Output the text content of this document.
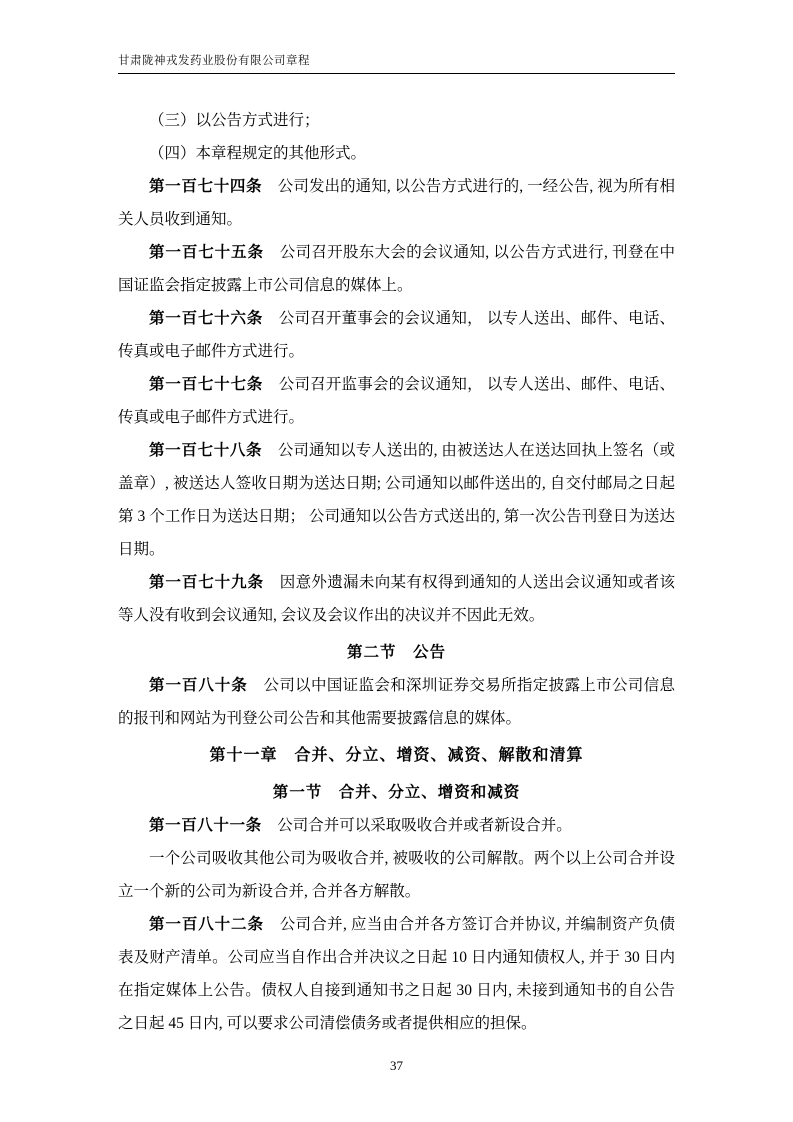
甘肃陇神戎发药业股份有限公司章程

（三）以公告方式进行；

（四）本章程规定的其他形式。

第一百七十四条 公司发出的通知, 以公告方式进行的, 一经公告, 视为所有相关人员收到通知。

第一百七十五条 公司召开股东大会的会议通知, 以公告方式进行, 刊登在中国证监会指定披露上市公司信息的媒体上。

第一百七十六条 公司召开董事会的会议通知， 以专人送出、邮件、电话、传真或电子邮件方式进行。

第一百七十七条 公司召开监事会的会议通知， 以专人送出、邮件、电话、传真或电子邮件方式进行。

第一百七十八条 公司通知以专人送出的, 由被送达人在送达回执上签名（或盖章）, 被送达人签收日期为送达日期; 公司通知以邮件送出的, 自交付邮局之日起第 3 个工作日为送达日期； 公司通知以公告方式送出的, 第一次公告刊登日为送达日期。

第一百七十九条 因意外遗漏未向某有权得到通知的人送出会议通知或者该等人没有收到会议通知, 会议及会议作出的决议并不因此无效。

第二节　公告

第一百八十条 公司以中国证监会和深圳证券交易所指定披露上市公司信息的报刊和网站为刊登公司公告和其他需要披露信息的媒体。

第十一章　合并、分立、增资、减资、解散和清算

第一节　合并、分立、增资和减资

第一百八十一条 公司合并可以采取吸收合并或者新设合并。

一个公司吸收其他公司为吸收合并, 被吸收的公司解散。两个以上公司合并设立一个新的公司为新设合并, 合并各方解散。

第一百八十二条 公司合并, 应当由合并各方签订合并协议, 并编制资产负债表及财产清单。公司应当自作出合并决议之日起 10 日内通知债权人, 并于 30 日内在指定媒体上公告。债权人自接到通知书之日起 30 日内, 未接到通知书的自公告之日起 45 日内, 可以要求公司清偿债务或者提供相应的担保。

37
